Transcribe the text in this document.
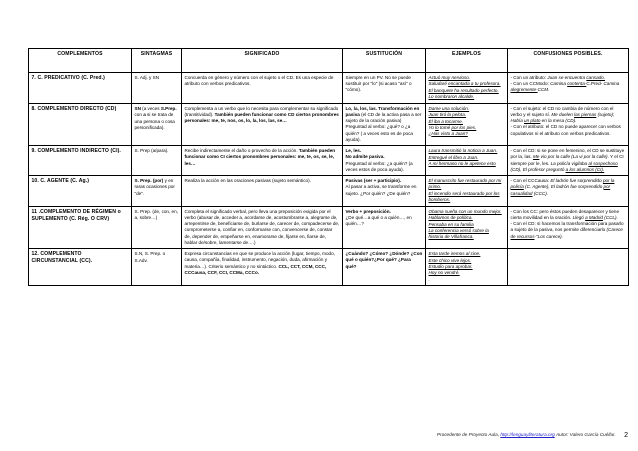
COMPLEMENTOS	SINTAGMAS	SIGNIFICADO	SUSTITUCIÓN	EJEMPLOS	CONFUSIONES POSIBLES.
7. C. PREDICATIVO (C. Pred.)	S. Adj. y SN	Concuerda en género y número con el sujeto o el CD. Es una especie de atributo con verbos predicativos.	Siempre en un PV. No se puede sustituir por "lo" (si acaso "así" o "cómo).	Actuó muy nervioso.
Saludaré encantada a tu profesora.
El banquete ha resultado perfecto.
Lo nombraron alcalde.	- Con un atributo: Juan se encuentra cansado.
- Con un CCModo: Camina contenta-C.Pred- Camina alegremente-CCM.
8. COMPLEMENTO DIRECTO (CD)	SN (a veces S.Prep. con a si se trata de una persona o cosa personificada).	Complementa a un verbo que lo necesita para complementar su significado (transitividad). También pueden funcionar como CD ciertos pronombres personales: me, te, nos, os, lo, la, los, las, se…	Lo, la, los, las. Transformación en pasiva (el CD de la activa pasa a ser sujeto de la oración pasiva) Preguntad al verbo: ¿qué? o ¿a quién? ( a veces esto es de poca ayuda).	Dame una solución.
Juan tiró la pelota.
Él iba a tocarme.
Yo lo tomé por los pies.
¿Has visto a Juan?	- Con el sujeto: el CD no cambia de número con el verbo y el sujeto sí. Me duelen las piernas (sujeto); Había un plato en la mesa (CD).
- Con el atributo: el CD no puede aparecer con verbos copulativos ni el atributo con verbos predicativos.
9. COMPLEMENTO INDIRECTO (CI).	S. Prep (a/para).	Recibe indirectamente el daño o provecho de la acción. También pueden funcionar como CI ciertos pronombres personales: me, te, os, se, le, les…	Le, les.
No admite pasiva.
Preguntad al verbo: ¿a quién? (a veces estos de poca ayuda).	Laura transmitió la noticia a Juan.
Entregué el libro a Juan.
A mi hermano no le apetece esto	- Con el CD: si se pone en femenino, el CD se sustituye por la, las. Me vio por la calle (La vi por la calle). Y el CI siempre por le, les. La policía vigilaba al sospechoso (CD), El profesor preguntó a los alumnos (CI).
10. C. AGENTE (C. Ag.)	S. Prep. (por) y en raras ocasiones por "de".	Realiza la acción en las oraciones pasivas (sujeto semántico).	Pasivas (ser + participio).
Al pasar a activa, se transforme en sujeto. ¿Por quién? ¿De quién?	El manuscrito fue restaurado por mi primo.
El incendio será restaurado por los bomberos.	- Con el CCCausa: El ladrón fue sorprendido por la policía (C. Agente), El ladrón fue sorprendido por casualidad (CCC).
11 .COMPLEMENTO DE RÉGIMEN o SUPLEMENTO (C. Rég. O CRV)	S. Prep. (de, con, en, a, sobre…)	Completa el significado verbal, pero lleva una preposición exigida por el verbo (abusar de, acceder a, acordarse de, acostumbrarse a, alegrarse de, arrepentirse de, beneficiarse de, burlarse de, carecer de, compadecerse de, comprometerse a, confiar en, conformarse con, convencerse de, constar de, depender de, empeñarse en, enamorarse de, fijarse en, fiarse de, hablar de/sobre, lamentarse de….)	Verbo + preposición.
¿De qué…a qué o a quién…, en quién…?	Obama sueña con un mundo mejor.
Hablamos de política.
Pensaba en su familia
La conferencia versó sobre la historia de Villafranca.	- Con los CC: pero éstos pueden desaparecer y tiene cierta movilidad en la oración. Llegó a Madrid (CCL).
- Con el CD: si hacemos la transformación para pasarlo a sujeto de la pasiva, nos permite diferenciarlo (Carece de recursos-"Los carece).
12. COMPLEMENTO CIRCUNSTANCIAL (CC).	S.N, S. Prep. o S.Adv.	Expresa circunstancias en que se produce la acción (lugar, tiempo, modo, causa, compañía, finalidad, instrumento, negación, duda, afirmación y materia…). Criterio semántico y no sintáctico. CCL, CCT, CCM, CCC, CCCausa, CCF, CCI, CCMa, CCCo.	¿Cuándo? ¿Cómo? ¿Dónde? ¿Con qué o quién?¿Por qué? ¿Para qué?	Esta tarde iremos al cine.
Este chico vive lejos.
Estudio para aprobar.
Hoy no vendré.
.	
Procedente de Proyecto Aula, http://lenguayliteratura.org Autor: Valero García Cuéllar. 2
